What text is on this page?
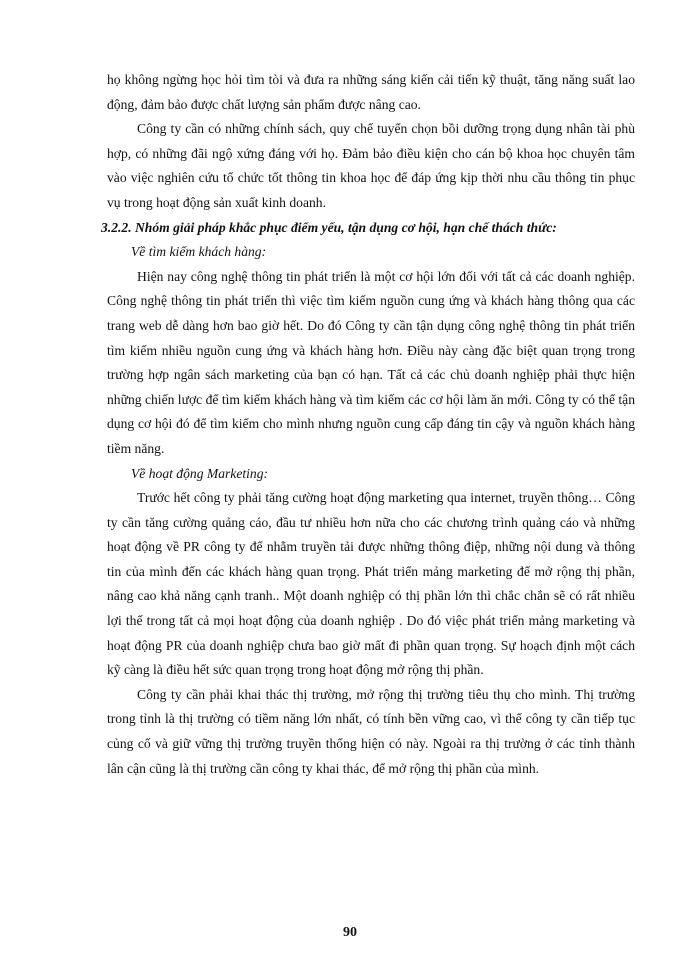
họ không ngừng học hỏi tìm tòi và đưa ra những sáng kiến cải tiến kỹ thuật, tăng năng suất lao động, đảm bảo được chất lượng sản phẩm được nâng cao.

Công ty cần có những chính sách, quy chế tuyển chọn bồi dưỡng trọng dụng nhân tài phù hợp, có những đãi ngộ xứng đáng với họ. Đảm bảo điều kiện cho cán bộ khoa học chuyên tâm vào việc nghiên cứu tổ chức tốt thông tin khoa học để đáp ứng kịp thời nhu cầu thông tin phục vụ trong hoạt động sản xuất kinh doanh.

3.2.2. Nhóm giải pháp khắc phục điểm yếu, tận dụng cơ hội, hạn chế thách thức:

Về tìm kiếm khách hàng:

Hiện nay công nghệ thông tin phát triển là một cơ hội lớn đối với tất cả các doanh nghiệp. Công nghệ thông tin phát triển thì việc tìm kiếm nguồn cung ứng và khách hàng thông qua các trang web dễ dàng hơn bao giờ hết. Do đó Công ty cần tận dụng công nghệ thông tin phát triển tìm kiếm nhiều nguồn cung ứng và khách hàng hơn. Điều này càng đặc biệt quan trọng trong trường hợp ngân sách marketing của bạn có hạn. Tất cả các chủ doanh nghiệp phải thực hiện những chiến lược để tìm kiếm khách hàng và tìm kiếm các cơ hội làm ăn mới. Công ty có thể tận dụng cơ hội đó để tìm kiếm cho mình nhưng nguồn cung cấp đáng tin cậy và nguồn khách hàng tiềm năng.

Về hoạt động Marketing:

Trước hết công ty phải tăng cường hoạt động marketing qua internet, truyền thông… Công ty cần tăng cường quảng cáo, đầu tư nhiều hơn nữa cho các chương trình quảng cáo và những hoạt động về PR công ty để nhằm truyền tải được những thông điệp, những nội dung và thông tin của mình đến các khách hàng quan trọng. Phát triển mảng marketing để mở rộng thị phần, nâng cao khả năng cạnh tranh.. Một doanh nghiệp có thị phần lớn thì chắc chắn sẽ có rất nhiều lợi thế trong tất cả mọi hoạt động của doanh nghiệp . Do đó việc phát triển mảng marketing và hoạt động PR của doanh nghiệp chưa bao giờ mất đi phần quan trọng. Sự hoạch định một cách kỹ càng là điều hết sức quan trọng trong hoạt động mở rộng thị phần.

Công ty cần phải khai thác thị trường, mở rộng thị trường tiêu thụ cho mình. Thị trường trong tỉnh là thị trường có tiềm năng lớn nhất, có tính bền vững cao, vì thế công ty cần tiếp tục củng cố và giữ vững thị trường truyền thống hiện có này. Ngoài ra thị trường ở các tỉnh thành lân cận cũng là thị trường cần công ty khai thác, để mở rộng thị phần của mình.

90
